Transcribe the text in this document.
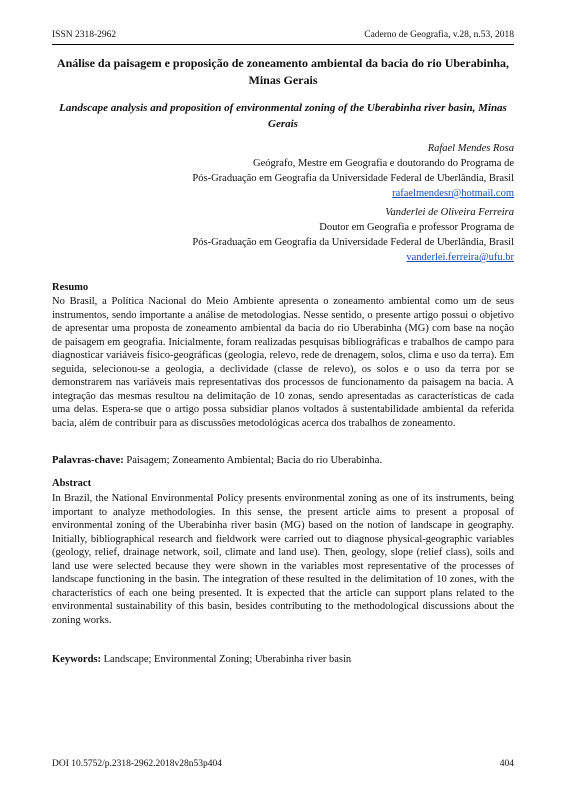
ISSN 2318-2962	Caderno de Geografia, v.28, n.53, 2018
Análise da paisagem e proposição de zoneamento ambiental da bacia do rio Uberabinha, Minas Gerais
Landscape analysis and proposition of environmental zoning of the Uberabinha river basin, Minas Gerais
Rafael Mendes Rosa
Geógrafo, Mestre em Geografia e doutorando do Programa de
Pós-Graduação em Geografia da Universidade Federal de Uberlândia, Brasil
rafaelmendesr@hotmail.com
Vanderlei de Oliveira Ferreira
Doutor em Geografia e professor Programa de
Pós-Graduação em Geografia da Universidade Federal de Uberlândia, Brasil
vanderlei.ferreira@ufu.br
Resumo
No Brasil, a Política Nacional do Meio Ambiente apresenta o zoneamento ambiental como um de seus instrumentos, sendo importante a análise de metodologias. Nesse sentido, o presente artigo possui o objetivo de apresentar uma proposta de zoneamento ambiental da bacia do rio Uberabinha (MG) com base na noção de paisagem em geografia. Inicialmente, foram realizadas pesquisas bibliográficas e trabalhos de campo para diagnosticar variáveis físico-geográficas (geologia, relevo, rede de drenagem, solos, clima e uso da terra). Em seguida, selecionou-se a geologia, a declividade (classe de relevo), os solos e o uso da terra por se demonstrarem nas variáveis mais representativas dos processos de funcionamento da paisagem na bacia. A integração das mesmas resultou na delimitação de 10 zonas, sendo apresentadas as características de cada uma delas. Espera-se que o artigo possa subsidiar planos voltados à sustentabilidade ambiental da referida bacia, além de contribuir para as discussões metodológicas acerca dos trabalhos de zoneamento.
Palavras-chave: Paisagem; Zoneamento Ambiental; Bacia do rio Uberabinha.
Abstract
In Brazil, the National Environmental Policy presents environmental zoning as one of its instruments, being important to analyze methodologies. In this sense, the present article aims to present a proposal of environmental zoning of the Uberabinha river basin (MG) based on the notion of landscape in geography. Initially, bibliographical research and fieldwork were carried out to diagnose physical-geographic variables (geology, relief, drainage network, soil, climate and land use). Then, geology, slope (relief class), soils and land use were selected because they were shown in the variables most representative of the processes of landscape functioning in the basin. The integration of these resulted in the delimitation of 10 zones, with the characteristics of each one being presented. It is expected that the article can support plans related to the environmental sustainability of this basin, besides contributing to the methodological discussions about the zoning works.
Keywords: Landscape; Environmental Zoning; Uberabinha river basin
DOI 10.5752/p.2318-2962.2018v28n53p404	404
